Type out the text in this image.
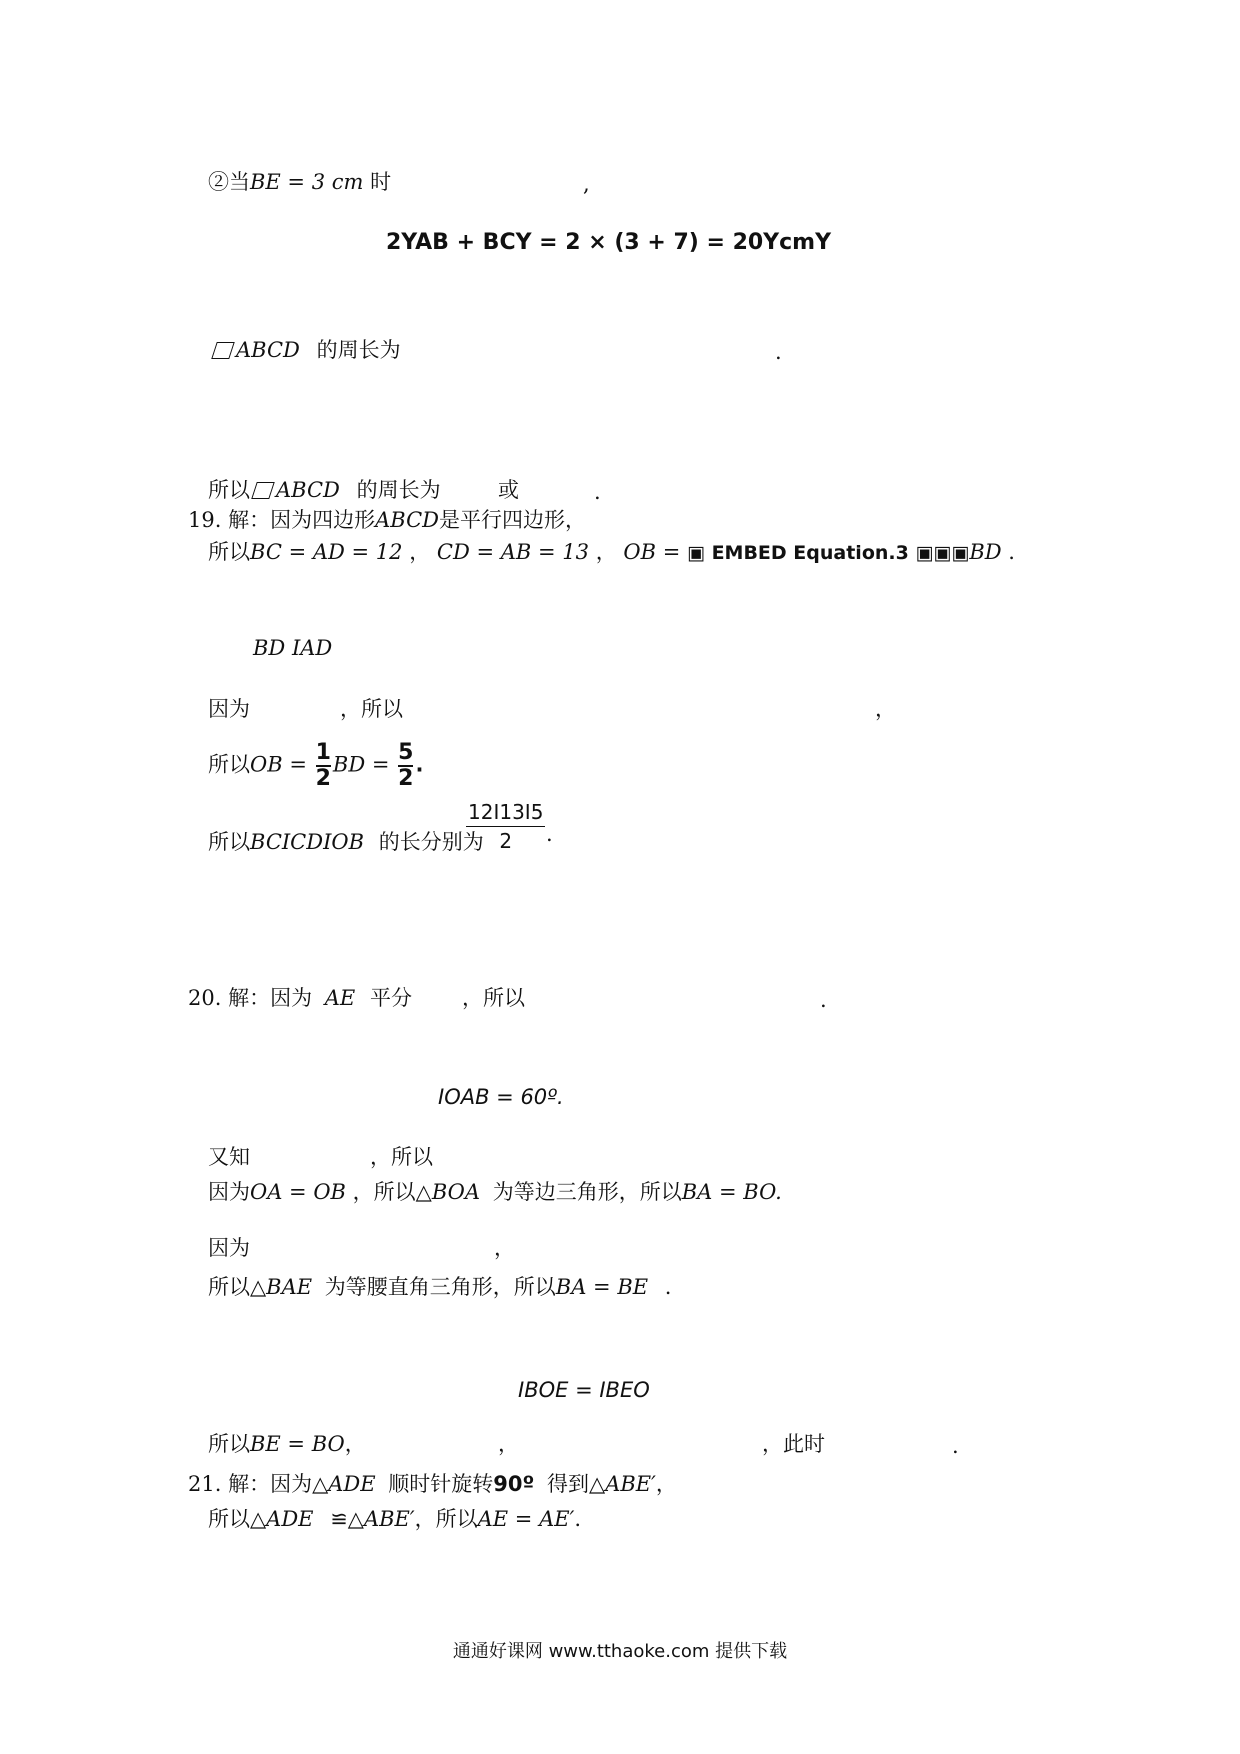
②当BE = 3 cm 时	,
2YAB + BCY = 2 × (3 + 7) = 20YcmY
ABCD 的周长为	.
所以 ABCD 的周长为	或	.
19. 解：因为四边形ABCD是平行四边形，
所以BC = AD = 12 ， CD = AB = 13 ， OB = ▣ EMBED Equation.3 ▣▣▣BD .
BD ⅠAD
因为	，所以	，
所以OB = $\frac{1}{2}$ BD = $\frac{5}{2}$ .
所以BCⅠCDⅠOB 的长分别为
$\frac{\text{12Ⅰ13Ⅰ5}}{2}$ .
20. 解：因为 AE 平分 ，所以	.
ⅠOAB = 60º.
又知	，所以
因为OA = OB ，所以△BOA 为等边三角形，所以BA = BO.
因为	，
所以△BAE 为等腰直角三角形，所以BA = BE .
ⅠBOE = ⅠBEO
所以BE = BO，	，	，此时	.
21. 解：因为△ADE 顺时针旋转90º 得到△ABE′，
所以△ADE ≌△ABE′，所以AE = AE′.
通通好课网 www.tthaoke.com 提供下载
